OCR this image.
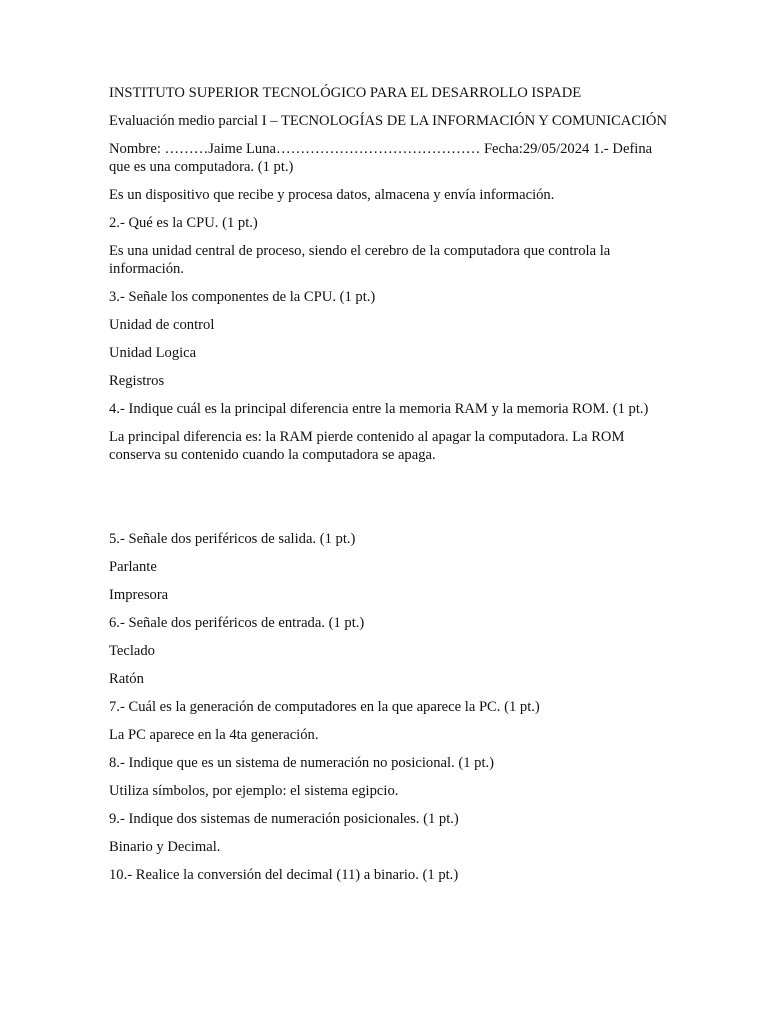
INSTITUTO SUPERIOR TECNOLÓGICO PARA EL DESARROLLO ISPADE

Evaluación medio parcial I – TECNOLOGÍAS DE LA INFORMACIÓN Y COMUNICACIÓN

Nombre: ………Jaime Luna…………………………………… Fecha:29/05/2024 1.- Defina que es una computadora. (1 pt.)

Es un dispositivo que recibe y procesa datos, almacena y envía información.

2.- Qué es la CPU. (1 pt.)

Es una unidad central de proceso, siendo el cerebro de la computadora que controla la información.

3.- Señale los componentes de la CPU. (1 pt.)

Unidad de control

Unidad Logica

Registros

4.- Indique cuál es la principal diferencia entre la memoria RAM y la memoria ROM. (1 pt.)

La principal diferencia es: la RAM pierde contenido al apagar la computadora. La ROM conserva su contenido cuando la computadora se apaga.

5.- Señale dos periféricos de salida. (1 pt.)

Parlante

Impresora

6.- Señale dos periféricos de entrada. (1 pt.)

Teclado

Ratón

7.- Cuál es la generación de computadores en la que aparece la PC. (1 pt.)

La PC aparece en la 4ta generación.

8.- Indique que es un sistema de numeración no posicional. (1 pt.)

Utiliza símbolos, por ejemplo: el sistema egipcio.

9.- Indique dos sistemas de numeración posicionales. (1 pt.)

Binario y Decimal.

10.- Realice la conversión del decimal (11) a binario. (1 pt.)
